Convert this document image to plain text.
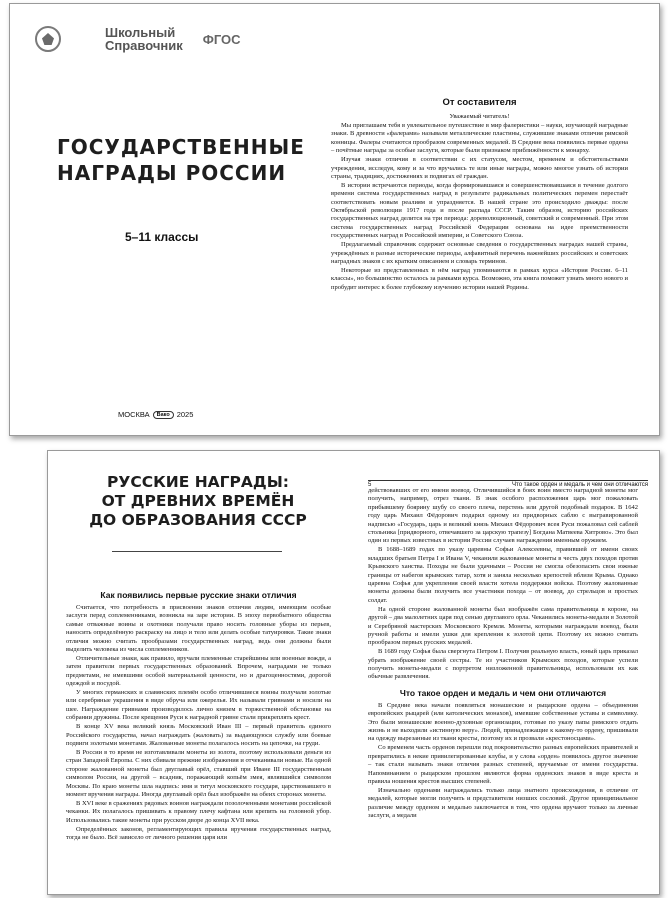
Школьный
Справочник ФГОС
ГОСУДАРСТВЕННЫЕ
НАГРАДЫ РОССИИ
5–11 классы
МОСКВА	Вако 2025
От составителя
Уважаемый читатель!

Мы приглашаем тебя в увлекательное путешествие в мир фалеристики – науки, изучающей наградные знаки. В древности «фалерами» называли металлические пластины, служившие знаками отличия римской конницы. Фалеры считаются прообразом современных медалей. В Средние века появились первые ордена – почётные награды за особые заслуги, которые были признаком приближённости к монарху.

Изучая знаки отличия в соответствии с их статусом, местом, временем и обстоятельствами учреждения, исследуя, кому и за что вручались те или иные награды, можно многое узнать об истории страны, традициях, достижениях и подвигах её граждан.

В истории встречаются периоды, когда формировавшаяся и совершенствовавшаяся в течение долгого времени система государственных наград в результате радикальных политических перемен перестаёт соответствовать новым реалиям и упраздняется. В нашей стране это происходило дважды: после Октябрьской революции 1917 года и после распада СССР. Таким образом, историю российских государственных наград делится на три периода: дореволюционный, советский и современный. При этом система государственных наград Российской Федерации основана на идее преемственности государственных наград в Российской империи, и Советского Союза.

Предлагаемый справочник содержит основные сведения о государственных наградах нашей страны, учреждённых в разные исторические периоды, алфавитный перечень важнейших российских и советских наградных знаков с их кратким описанием и словарь терминов.

Некоторые из представленных в нём наград упоминаются в рамках курса «История России. 6–11 классы», но большинство осталось за рамками курса. Возможно, эта книга поможет узнать много нового и пробудит интерес к более глубокому изучению истории нашей Родины.

РУССКИЕ НАГРАДЫ:
ОТ ДРЕВНИХ ВРЕМЁН
ДО ОБРАЗОВАНИЯ СССР
Как появились первые русские знаки отличия

Считается, что потребность в присвоении знаков отличия людям, имеющим особые заслуги перед соплеменниками, возникла на заре истории. В эпоху первобытного общества самые отважные воины и охотники получали право носить головные уборы из перьев, наносить определённую раскраску на лицо и тело или делать особые татуировки. Такие знаки отличия можно считать прообразами государственных наград, ведь они должны были выделить человека из числа соплеменников.

Отличительные знаки, как правило, вручали племенные старейшины или военные вожди, а затем правители первых государственных образований. Впрочем, наградами не только предметами, не имевшими особой материальной ценности, но и драгоценностями, дорогой одеждой и посудой.

У многих германских и славянских племён особо отличившиеся воины получали золотые или серебряные украшения в виде обруча или ожерелья. Их называли гривнами и носили на шее. Награждение гривнами производилось лично князем в торжественной обстановке на собрании дружины. После крещения Руси к наградной гривне стали прикреплять крест.

В конце XV века великий князь Московский Иван III – первый правитель единого Российского государства, начал награждать (жаловать) за выдающуюся службу или боевые подвиги золотыми монетами. Жалованные монеты полагалось носить на цепочке, на груди.

В России в то время не изготавливали монеты из золота, поэтому использовали деньги из стран Западной Европы. С них сбивали прежние изображения и отчеканивали новые. На одной стороне жалованной монеты был двуглавый орёл, ставший при Иване III государственным символом России, на другой – всадник, поражающий копьём змея, являвшийся символом Москвы. По краю монеты шла надпись: имя и титул московского государя, царствовавшего в момент вручения награды. Иногда двуглавый орёл был изображён на обеих сторонах монеты.

В XVI веке в сражениях рядовых воинов награждали позолоченными монетами российской чеканки. Их полагалось пришивать к правому плечу кафтана или крепить на головной убор. Использовались такие монеты при русском дворе до конца XVII века.

Определённых законов, регламентирующих правила вручения государственных наград, тогда не было. Всё зависело от личного решения царя или

5	Что такое орден и медаль и чем они отличаются

действовавших от его имени воевод. Отличившийся в боях воин вместо наградной монеты мог получить, например, отрез ткани. В знак особого расположения царь мог пожаловать прибывшему боярину шубу со своего плеча, перстень или другой подобный подарок. В 1642 году царь Михаил Фёдорович подарил одному из придворных саблю с выгравированной надписью «Государь, царь и великий князь Михаил Фёдорович всея Руси пожаловал сей саблей стольника [придворного, отвечавшего за царскую трапезу] Богдана Матвеева Хитрово». Это был один из первых известных в истории России случаев награждения именным оружием.

В 1688–1689 годах по указу царевны Софьи Алексеевны, правившей от имени своих младших братьев Петра I и Ивана V, чеканили жалованные монеты в честь двух походов против Крымского ханства. Походы не были удачными – Россия не смогла обезопасить свои южные границы от набегов крымских татар, хотя и заняла несколько крепостей вблизи Крыма. Однако царевна Софья для укрепления своей власти хотела поддержки войска. Поэтому жалованные монеты должны были получить все участники похода – от воевод, до стрельцов и простых солдат.

На одной стороне жалованной монеты был изображён сама правительница в короне, на другой – два малолетних царя под сенью двуглавого орла. Чеканились монеты-медали в Золотой и Серебряной мастерских Московского Кремля. Монеты, которыми награждали воевод, были ручной работы и имели ушки для крепления к золотой цепи. Поэтому их можно считать прообразом первых русских медалей.

В 1689 году Софья была свергнута Петром I. Получив реальную власть, юный царь приказал убрать изображение своей сестры. Те из участников Крымских походов, которые успели получить монеты-медали с портретом низложенной правительницы, использовали их как обычные развлечения.

Что такое орден и медаль и чем они отличаются

В Средние века начали появляться монашеские и рыцарские ордена – объединения европейских рыцарей (или католических монахов), имевшие собственные уставы и символику. Это были монашеские военно-духовные организации, готовые по указу папы римского отдать жизнь и не выходили «истинную веру». Людей, принадлежащие к какому-то ордену, пришивали на одежду вырезанные из ткани кресты, поэтому их и прозвали «крестоносцами».

Со временем часть орденов перешли под покровительство разных европейских правителей и превратились в некие привилегированные клубы, и у слова «орден» появилось другое значение – так стали называть знаки отличия разных степеней, вручаемые от имени государства. Напоминанием о рыцарском прошлом являются форма орденских знаков в виде креста и правила ношения крестов высших степеней.

Изначально орденами награждались только лица знатного происхождения, в отличие от медалей, которые могли получить и представители низших сословий. Другое принципиальное различие между орденом и медалью заключается в том, что ордена вручают только за личные заслуги, а медали
